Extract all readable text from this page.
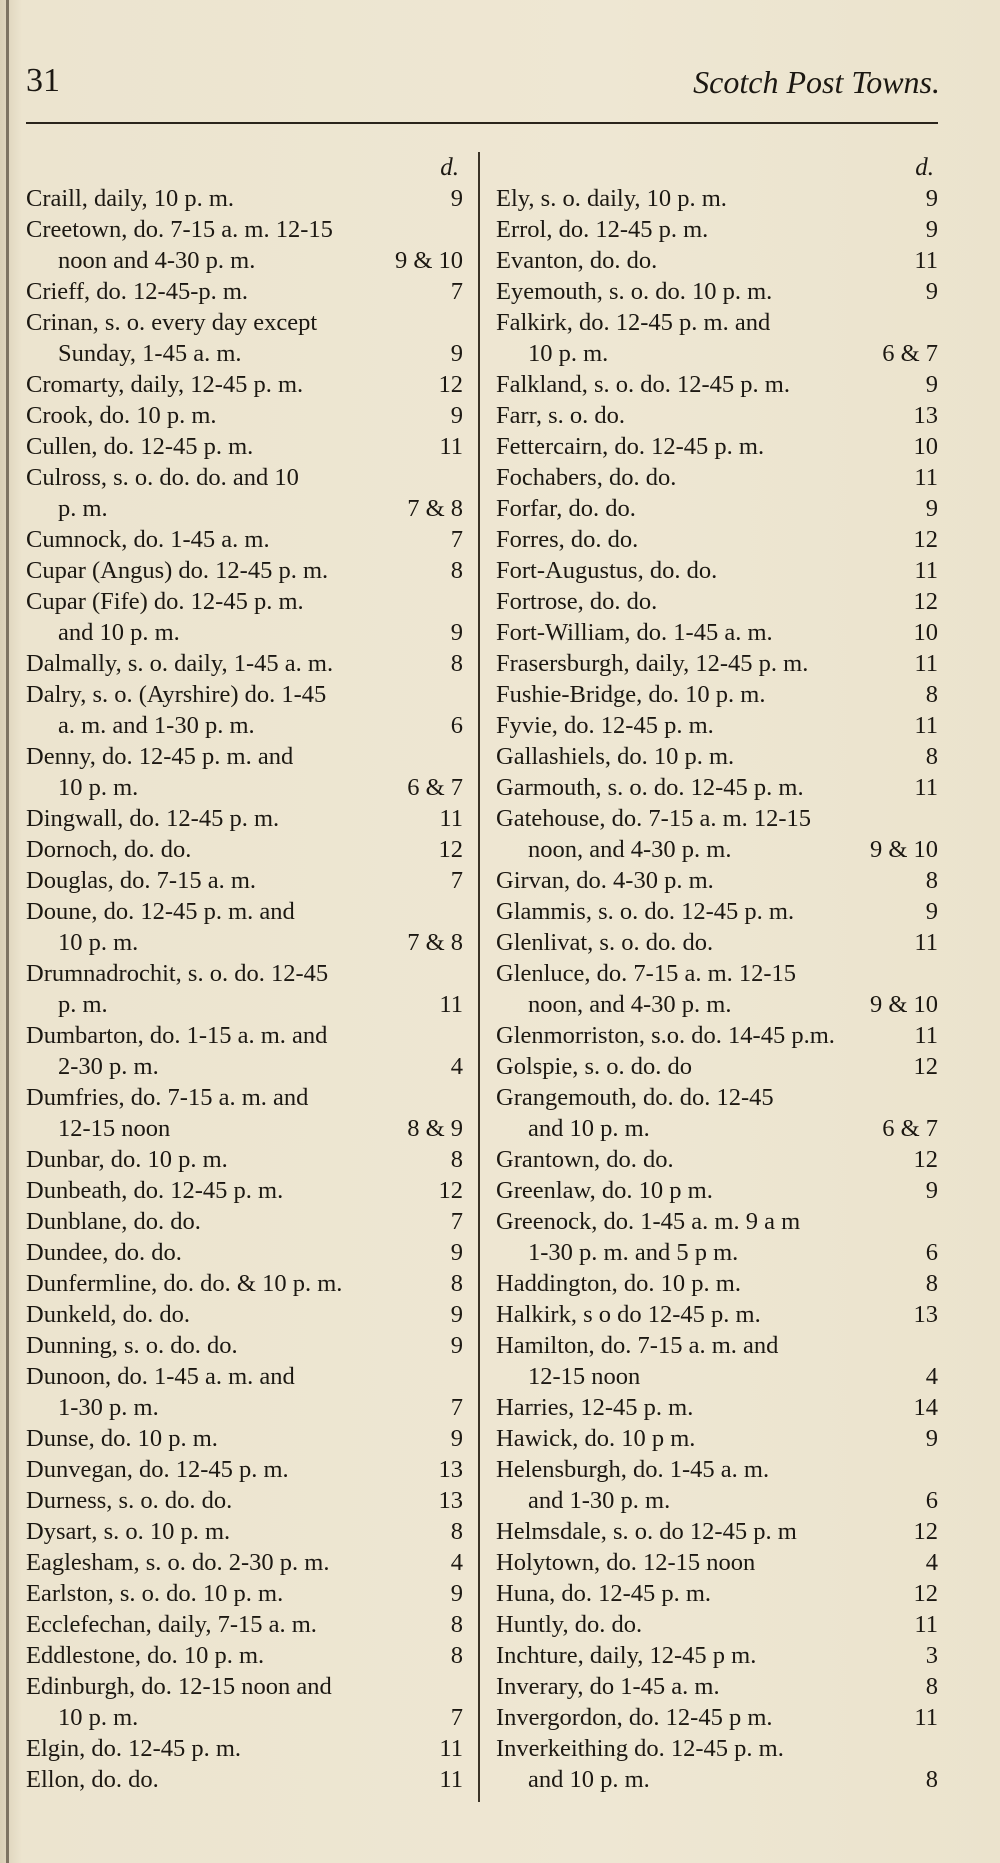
31	Scotch Post Towns.
d.
Craill, daily, 10 p. m.	9
Creetown, do. 7-15 a. m. 12-15
noon and 4-30 p. m.	9 & 10
Crieff, do. 12-45-p. m.	7
Crinan, s. o. every day except
Sunday, 1-45 a. m.	9
Cromarty, daily, 12-45 p. m.	12
Crook, do. 10 p. m.	9
Cullen, do. 12-45 p. m.	11
Culross, s. o. do. do. and 10
p. m.	7 & 8
Cumnock, do. 1-45 a. m.	7
Cupar (Angus) do. 12-45 p. m.	8
Cupar (Fife) do. 12-45 p. m.
and 10 p. m.	9
Dalmally, s. o. daily, 1-45 a. m.	8
Dalry, s. o. (Ayrshire) do. 1-45
a. m. and 1-30 p. m.	6
Denny, do. 12-45 p. m. and
10 p. m.	6 & 7
Dingwall, do. 12-45 p. m.	11
Dornoch, do. do.	12
Douglas, do. 7-15 a. m.	7
Doune, do. 12-45 p. m. and
10 p. m.	7 & 8
Drumnadrochit, s. o. do. 12-45
p. m.	11
Dumbarton, do. 1-15 a. m. and
2-30 p. m.	4
Dumfries, do. 7-15 a. m. and
12-15 noon	8 & 9
Dunbar, do. 10 p. m.	8
Dunbeath, do. 12-45 p. m.	12
Dunblane, do. do.	7
Dundee, do. do.	9
Dunfermline, do. do. & 10 p. m.	8
Dunkeld, do. do.	9
Dunning, s. o. do. do.	9
Dunoon, do. 1-45 a. m. and
1-30 p. m.	7
Dunse, do. 10 p. m.	9
Dunvegan, do. 12-45 p. m.	13
Durness, s. o. do. do.	13
Dysart, s. o. 10 p. m.	8
Eaglesham, s. o. do. 2-30 p. m.	4
Earlston, s. o. do. 10 p. m.	9
Ecclefechan, daily, 7-15 a. m.	8
Eddlestone, do. 10 p. m.	8
Edinburgh, do. 12-15 noon and
10 p. m.	7
Elgin, do. 12-45 p. m.	11
Ellon, do. do.	11
d.
Ely, s. o. daily, 10 p. m.	9
Errol, do. 12-45 p. m.	9
Evanton, do. do.	11
Eyemouth, s. o. do. 10 p. m.	9
Falkirk, do. 12-45 p. m. and
10 p. m.	6 & 7
Falkland, s. o. do. 12-45 p. m.	9
Farr, s. o. do.	13
Fettercairn, do. 12-45 p. m.	10
Fochabers, do. do.	11
Forfar, do. do.	9
Forres, do. do.	12
Fort-Augustus, do. do.	11
Fortrose, do. do.	12
Fort-William, do. 1-45 a. m.	10
Frasersburgh, daily, 12-45 p. m.	11
Fushie-Bridge, do. 10 p. m.	8
Fyvie, do. 12-45 p. m.	11
Gallashiels, do. 10 p. m.	8
Garmouth, s. o. do. 12-45 p. m.	11
Gatehouse, do. 7-15 a. m. 12-15
noon, and 4-30 p. m.	9 & 10
Girvan, do. 4-30 p. m.	8
Glammis, s. o. do. 12-45 p. m.	9
Glenlivat, s. o. do. do.	11
Glenluce, do. 7-15 a. m. 12-15
noon, and 4-30 p. m.	9 & 10
Glenmorriston, s.o. do. 14-45 p.m.	11
Golspie, s. o. do. do	12
Grangemouth, do. do. 12-45
and 10 p. m.	6 & 7
Grantown, do. do.	12
Greenlaw, do. 10 p m.	9
Greenock, do. 1-45 a. m. 9 a m
1-30 p. m. and 5 p m.	6
Haddington, do. 10 p. m.	8
Halkirk, s o do 12-45 p. m.	13
Hamilton, do. 7-15 a. m. and
12-15 noon	4
Harries, 12-45 p. m.	14
Hawick, do. 10 p m.	9
Helensburgh, do. 1-45 a. m.
and 1-30 p. m.	6
Helmsdale, s. o. do 12-45 p. m	12
Holytown, do. 12-15 noon	4
Huna, do. 12-45 p. m.	12
Huntly, do. do.	11
Inchture, daily, 12-45 p m.	3
Inverary, do 1-45 a. m.	8
Invergordon, do. 12-45 p m.	11
Inverkeithing do. 12-45 p. m.
and 10 p. m.	8
